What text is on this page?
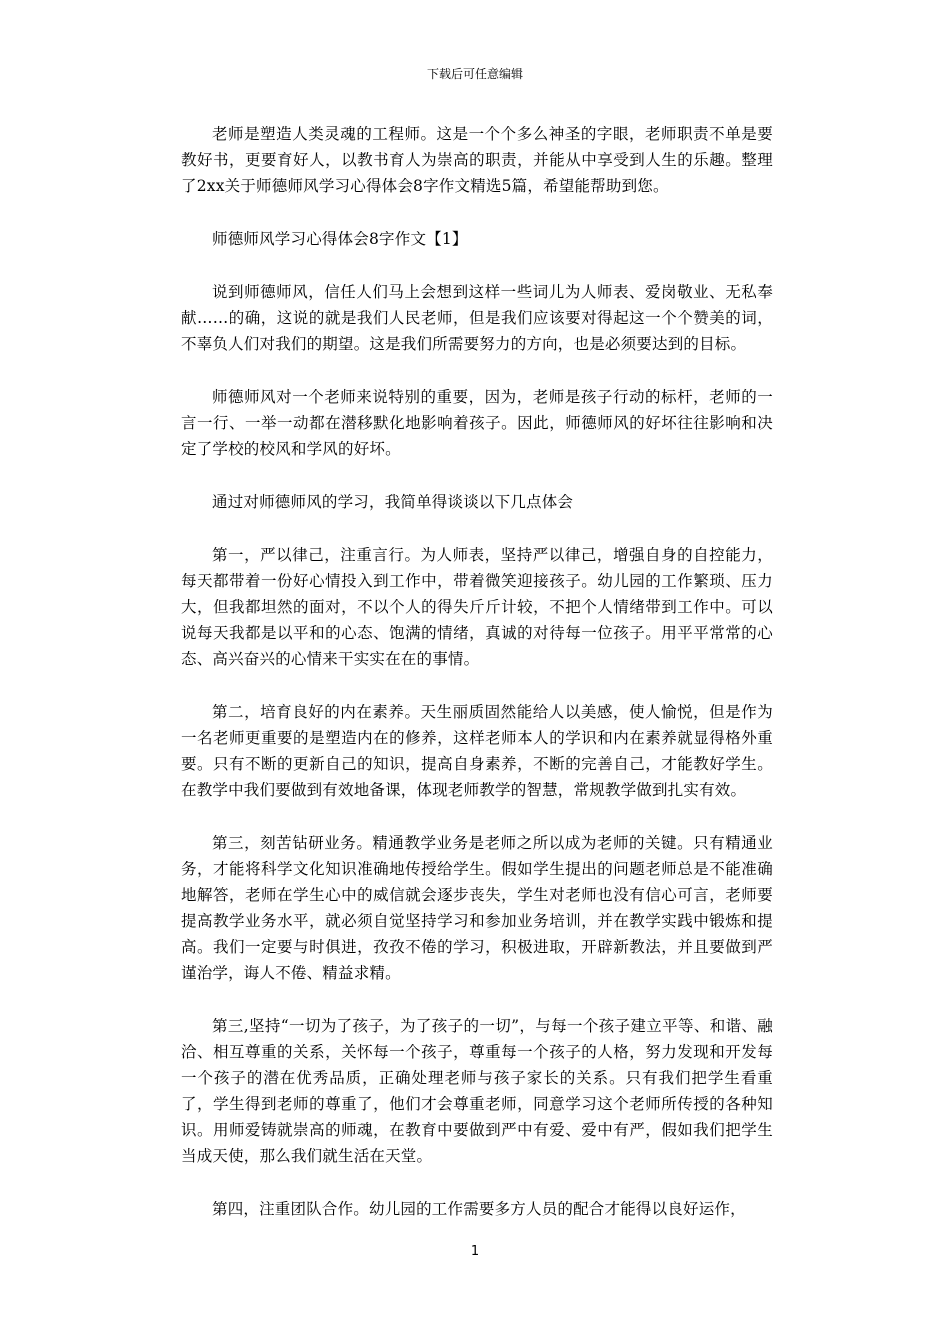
下载后可任意编辑

老师是塑造人类灵魂的工程师。这是一个个多么神圣的字眼，老师职责不单是要教好书，更要育好人，以教书育人为崇高的职责，并能从中享受到人生的乐趣。整理了2xx关于师德师风学习心得体会8字作文精选5篇，希望能帮助到您。

师德师风学习心得体会8字作文【1】

说到师德师风，信任人们马上会想到这样一些词儿为人师表、爱岗敬业、无私奉献……的确，这说的就是我们人民老师，但是我们应该要对得起这一个个赞美的词，不辜负人们对我们的期望。这是我们所需要努力的方向，也是必须要达到的目标。

师德师风对一个老师来说特别的重要，因为，老师是孩子行动的标杆，老师的一言一行、一举一动都在潜移默化地影响着孩子。因此，师德师风的好坏往往影响和决定了学校的校风和学风的好坏。

通过对师德师风的学习，我简单得谈谈以下几点体会

第一，严以律己，注重言行。为人师表，坚持严以律己，增强自身的自控能力，每天都带着一份好心情投入到工作中，带着微笑迎接孩子。幼儿园的工作繁琐、压力大，但我都坦然的面对，不以个人的得失斤斤计较，不把个人情绪带到工作中。可以说每天我都是以平和的心态、饱满的情绪，真诚的对待每一位孩子。用平平常常的心态、高兴奋兴的心情来干实实在在的事情。

第二，培育良好的内在素养。天生丽质固然能给人以美感，使人愉悦，但是作为一名老师更重要的是塑造内在的修养，这样老师本人的学识和内在素养就显得格外重要。只有不断的更新自己的知识，提高自身素养，不断的完善自己，才能教好学生。在教学中我们要做到有效地备课，体现老师教学的智慧，常规教学做到扎实有效。

第三，刻苦钻研业务。精通教学业务是老师之所以成为老师的关键。只有精通业务，才能将科学文化知识准确地传授给学生。假如学生提出的问题老师总是不能准确地解答，老师在学生心中的威信就会逐步丧失，学生对老师也没有信心可言，老师要提高教学业务水平，就必须自觉坚持学习和参加业务培训，并在教学实践中锻炼和提高。我们一定要与时俱进，孜孜不倦的学习，积极进取，开辟新教法，并且要做到严谨治学，诲人不倦、精益求精。

第三,坚持“一切为了孩子，为了孩子的一切”，与每一个孩子建立平等、和谐、融洽、相互尊重的关系，关怀每一个孩子，尊重每一个孩子的人格，努力发现和开发每一个孩子的潜在优秀品质，正确处理老师与孩子家长的关系。只有我们把学生看重了，学生得到老师的尊重了，他们才会尊重老师，同意学习这个老师所传授的各种知识。用师爱铸就崇高的师魂，在教育中要做到严中有爱、爱中有严，假如我们把学生当成天使，那么我们就生活在天堂。

第四，注重团队合作。幼儿园的工作需要多方人员的配合才能得以良好运作，

1
